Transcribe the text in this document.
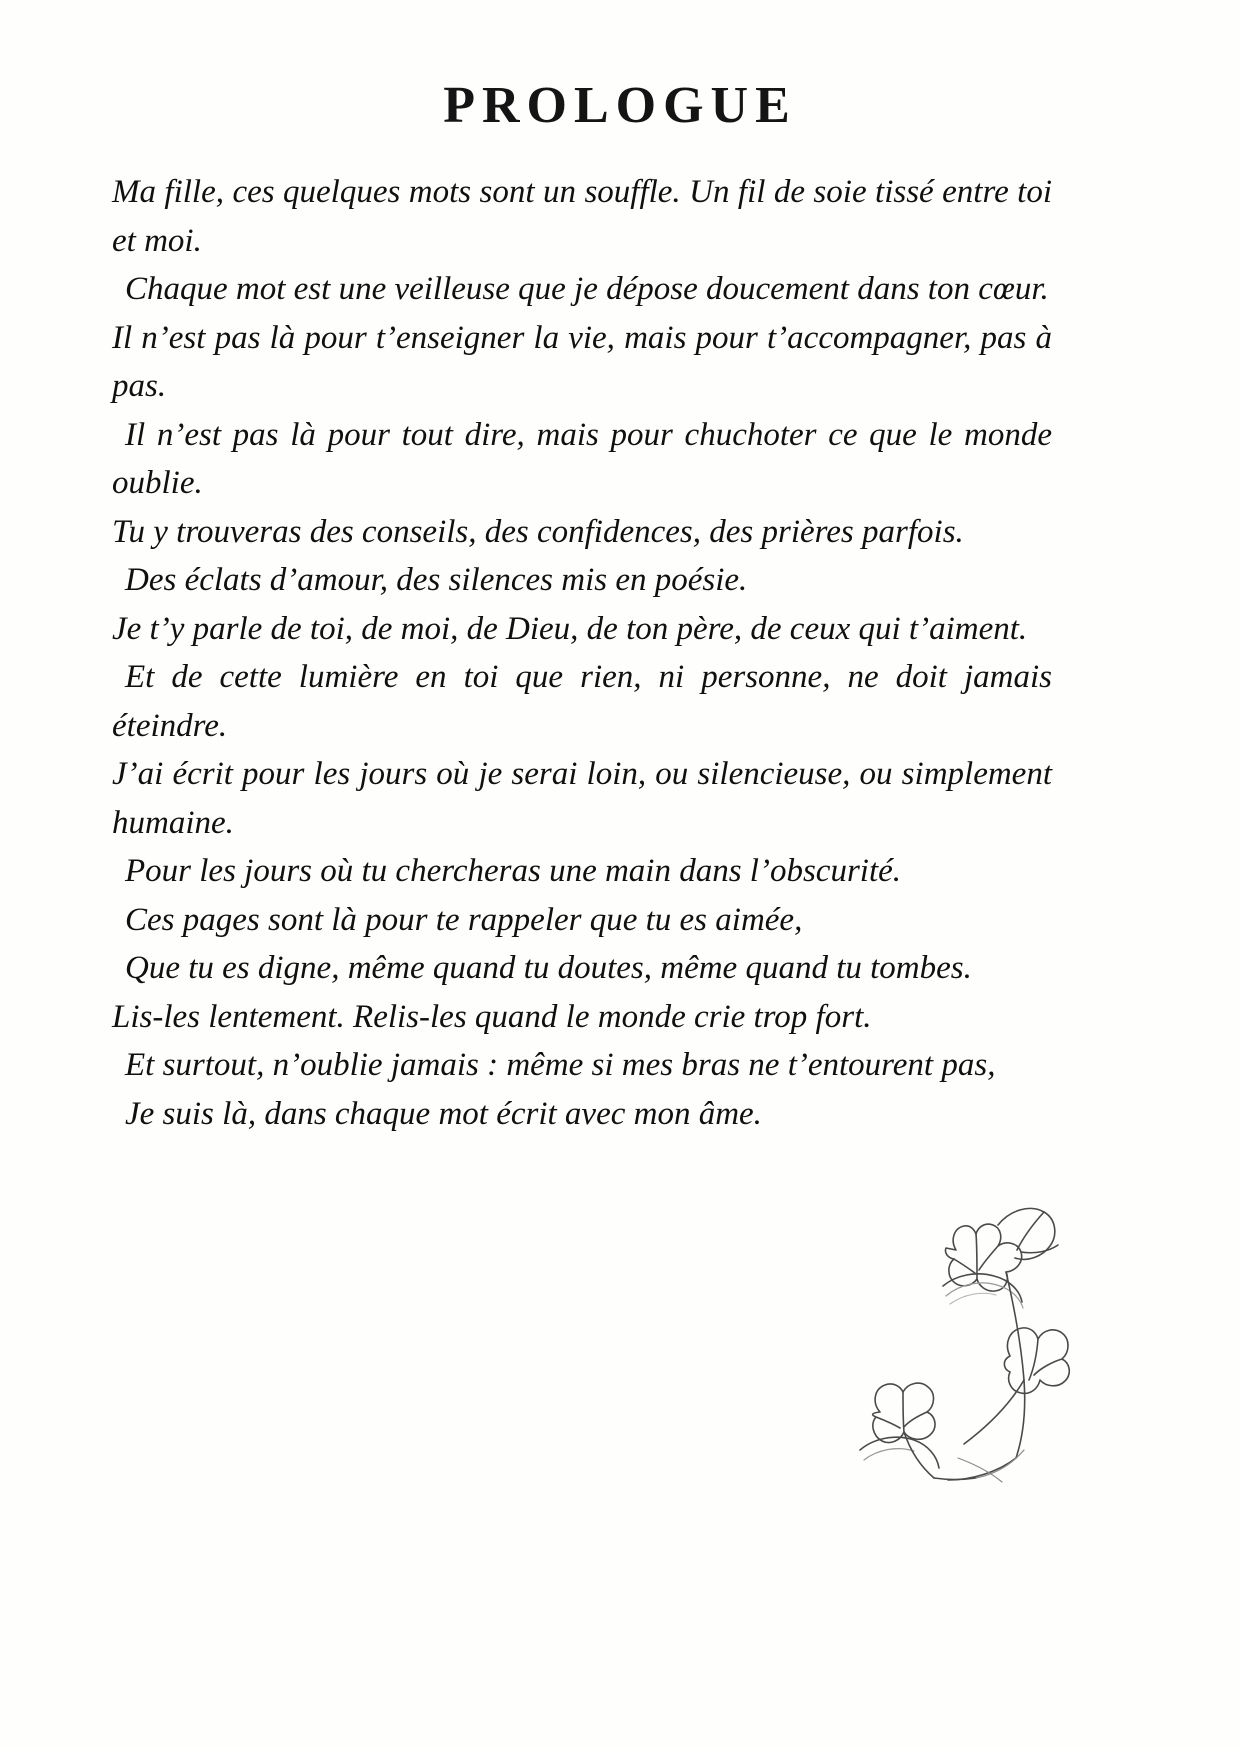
PROLOGUE

Ma fille, ces quelques mots sont un souffle. Un fil de soie tissé entre toi et moi.

Chaque mot est une veilleuse que je dépose doucement dans ton cœur.

Il n’est pas là pour t’enseigner la vie, mais pour t’accompagner, pas à pas.

Il n’est pas là pour tout dire, mais pour chuchoter ce que le monde oublie.

Tu y trouveras des conseils, des confidences, des prières parfois.

Des éclats d’amour, des silences mis en poésie.

Je t’y parle de toi, de moi, de Dieu, de ton père, de ceux qui t’aiment.

Et de cette lumière en toi que rien, ni personne, ne doit jamais éteindre.

J’ai écrit pour les jours où je serai loin, ou silencieuse, ou simplement humaine.

Pour les jours où tu chercheras une main dans l’obscurité.

Ces pages sont là pour te rappeler que tu es aimée,

Que tu es digne, même quand tu doutes, même quand tu tombes.

Lis-les lentement. Relis-les quand le monde crie trop fort.

Et surtout, n’oublie jamais : même si mes bras ne t’entourent pas,

Je suis là, dans chaque mot écrit avec mon âme.
